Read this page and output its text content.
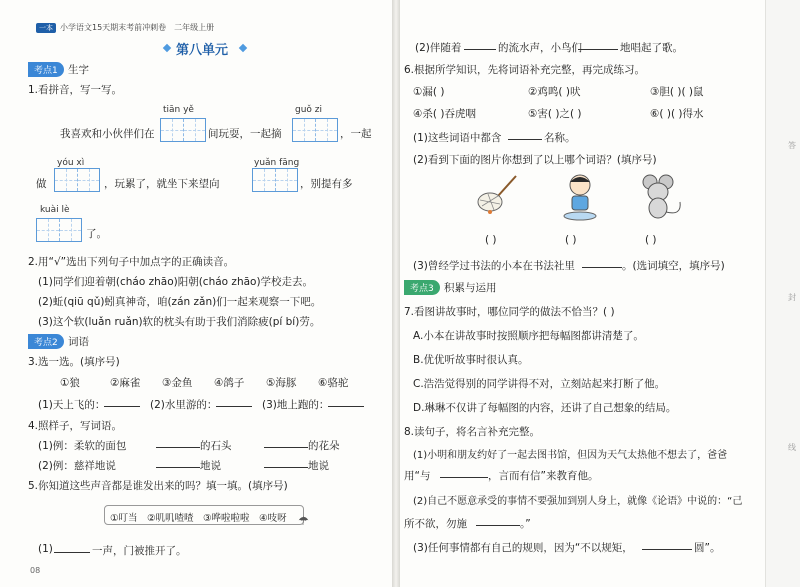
答
封
线
一本 小学语文15天期末考前冲刺卷　二年级上册
第八单元
考点1 生字
1.看拼音，写一写。
tiān yě	guǒ zi
我喜欢和小伙伴们在	间玩耍，一起摘	，一起
yóu xì	yuǎn fāng
做	，玩累了，就坐下来望向	，别提有多
kuài lè
了。
2.用“√”选出下列句子中加点字的正确读音。
(1)同学们迎着朝(cháo zhāo)阳朝(cháo zhāo)学校走去。
(2)蚯(qiū qǔ)蚓真神奇，咱(zán zǎn)们一起来观察一下吧。
(3)这个软(luǎn ruǎn)软的枕头有助于我们消除疲(pí bí)劳。
考点2 词语
3.选一选。(填序号)
①狼	②麻雀 ③金鱼 ④鸽子 ⑤海豚 ⑥骆驼
(1)天上飞的：	(2)水里游的：	(3)地上跑的：
4.照样子，写词语。
(1)例：柔软的面包	的石头	的花朵
(2)例：慈祥地说	地说	地说
5.你知道这些声音都是谁发出来的吗？填一填。(填序号)
①叮当　②叽叽喳喳　③哗啦啦啦　④吱呀 ☂
(1)	一声，门被推开了。
08
(2)伴随着	的流水声，小鸟们	地唱起了歌。
6.根据所学知识，先将词语补充完整，再完成练习。
①漏( )	②鸡鸣( )吠	③胆( )( )鼠
④杀( )吞虎咽	⑤害( )之( )	⑥( )( )得水
(1)这些词语中都含	名称。
(2)看到下面的图片你想到了以上哪个词语？(填序号)
( )	( )	( )
(3)曾经学过书法的小本在书法社里	。(选词填空，填序号)
考点3 积累与运用
7.看图讲故事时，哪位同学的做法不恰当？( )
A.小本在讲故事时按照顺序把每幅图都讲清楚了。
B.优优听故事时很认真。
C.浩浩觉得别的同学讲得不对，立刻站起来打断了他。
D.琳琳不仅讲了每幅图的内容，还讲了自己想象的结局。
8.读句子，将名言补充完整。
(1)小明和朋友约好了一起去图书馆，但因为天气太热他不想去了，爸爸
用“与	，言而有信”来教育他。
(2)自己不愿意承受的事情不要强加到别人身上，就像《论语》中说的：“己
所不欲，勿施	。”
(3)任何事情都有自己的规则，因为“不以规矩，	圆”。
